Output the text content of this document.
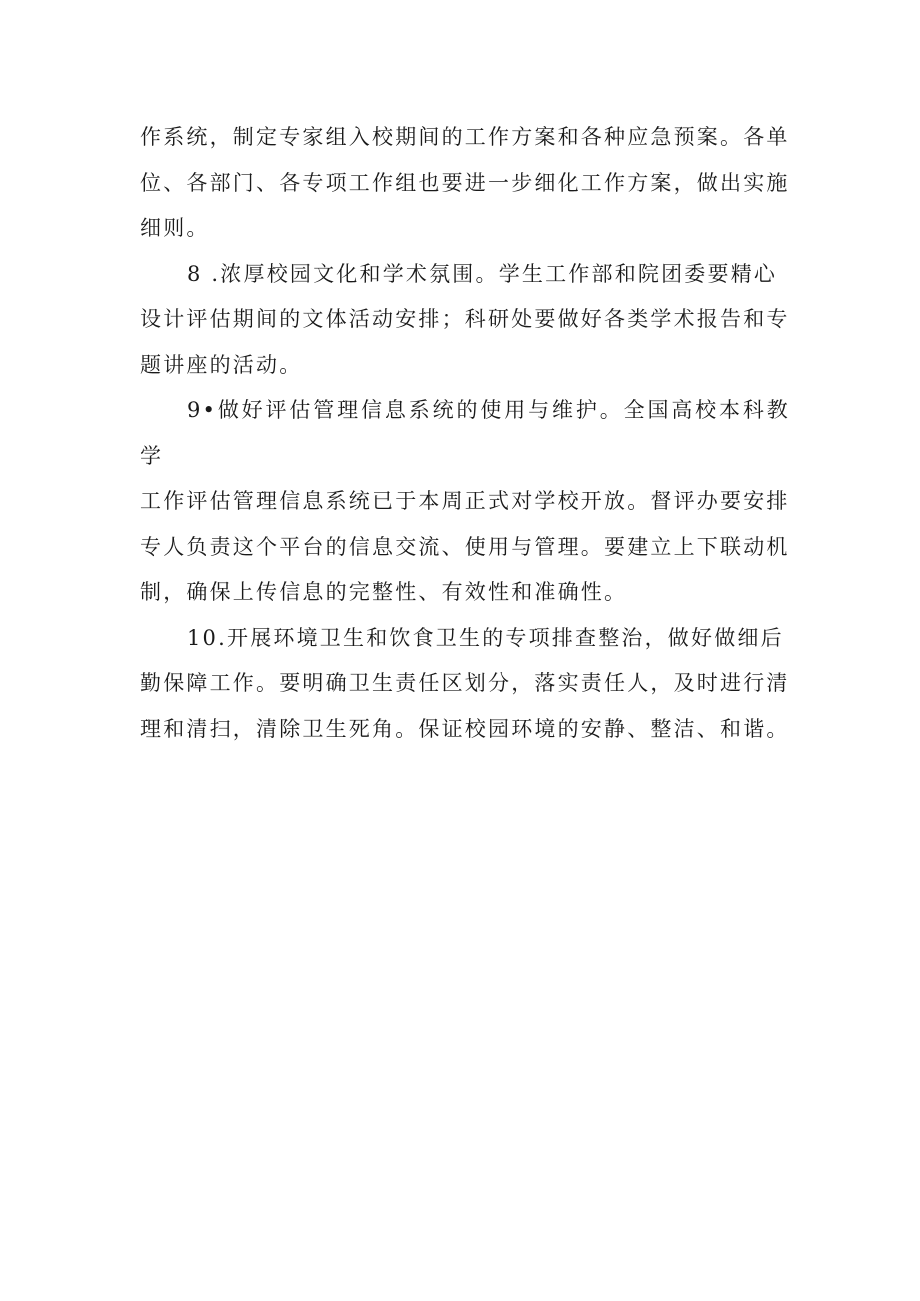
作系统，制定专家组入校期间的工作方案和各种应急预案。各单
位、各部门、各专项工作组也要进一步细化工作方案，做出实施
细则。

8 .浓厚校园文化和学术氛围。学生工作部和院团委要精心
设计评估期间的文体活动安排；科研处要做好各类学术报告和专
题讲座的活动。

9•做好评估管理信息系统的使用与维护。全国高校本科教学
工作评估管理信息系统已于本周正式对学校开放。督评办要安排
专人负责这个平台的信息交流、使用与管理。要建立上下联动机
制，确保上传信息的完整性、有效性和准确性。

10.开展环境卫生和饮食卫生的专项排查整治，做好做细后
勤保障工作。要明确卫生责任区划分，落实责任人，及时进行清
理和清扫，清除卫生死角。保证校园环境的安静、整洁、和谐。
